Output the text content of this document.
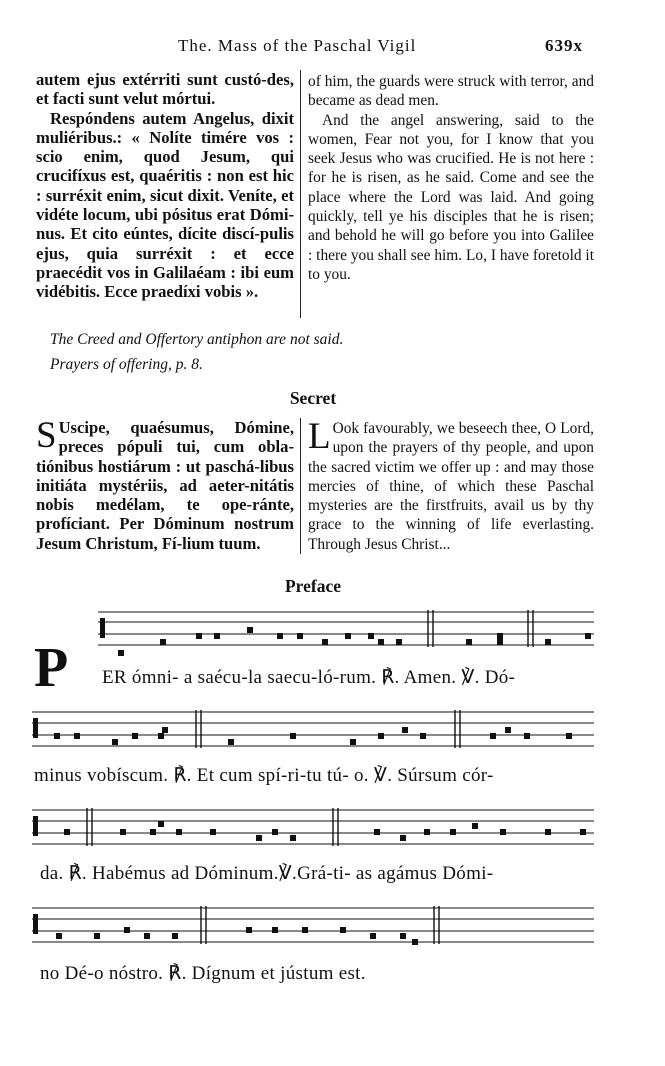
The. Mass of the Paschal Vigil	639x

autem ejus extérriti sunt custó-des, et facti sunt velut mórtui.

Respóndens autem Angelus, dixit muliéribus.: « Nolíte timére vos : scio enim, quod Jesum, qui crucifíxus est, quaéritis : non est hic : surréxit enim, sicut dixit. Veníte, et vidéte locum, ubi pósitus erat Dómi-nus. Et cito eúntes, dícite discí-pulis ejus, quia surréxit : et ecce praecédit vos in Galilaéam : ibi eum vidébitis. Ecce praedíxi vobis ».

of him, the guards were struck with terror, and became as dead men.

And the angel answering, said to the women, Fear not you, for I know that you seek Jesus who was crucified. He is not here : for he is risen, as he said. Come and see the place where the Lord was laid. And going quickly, tell ye his disciples that he is risen; and behold he will go before you into Galilee : there you shall see him. Lo, I have foretold it to you.

The Creed and Offertory antiphon are not said.
Prayers of offering, p. 8.
Secret
S Uscipe, quaésumus, Dómine, preces pópuli tui, cum obla-tiónibus hostiárum : ut paschá-libus initiáta mystériis, ad aeter-nitátis nobis medélam, te ope-ránte, profíciant. Per Dóminum nostrum Jesum Christum, Fí-lium tuum.
L Ook favourably, we beseech thee, O Lord, upon the prayers of thy people, and upon the sacred victim we offer up : and may those mercies of thine, of which these Paschal mysteries are the firstfruits, avail us by thy grace to the winning of life everlasting. Through Jesus Christ...
Preface
P ER ómni- a saécu-la saecu-ló-rum. ℟. Amen. ℣. Dó-
minus vobíscum. ℟. Et cum spí-ri-tu tú- o. ℣. Súrsum cór-
da. ℟. Habémus ad Dóminum.℣.Grá-ti- as agámus Dómi-
no Dé-o nóstro. ℟. Dígnum et jústum est.
